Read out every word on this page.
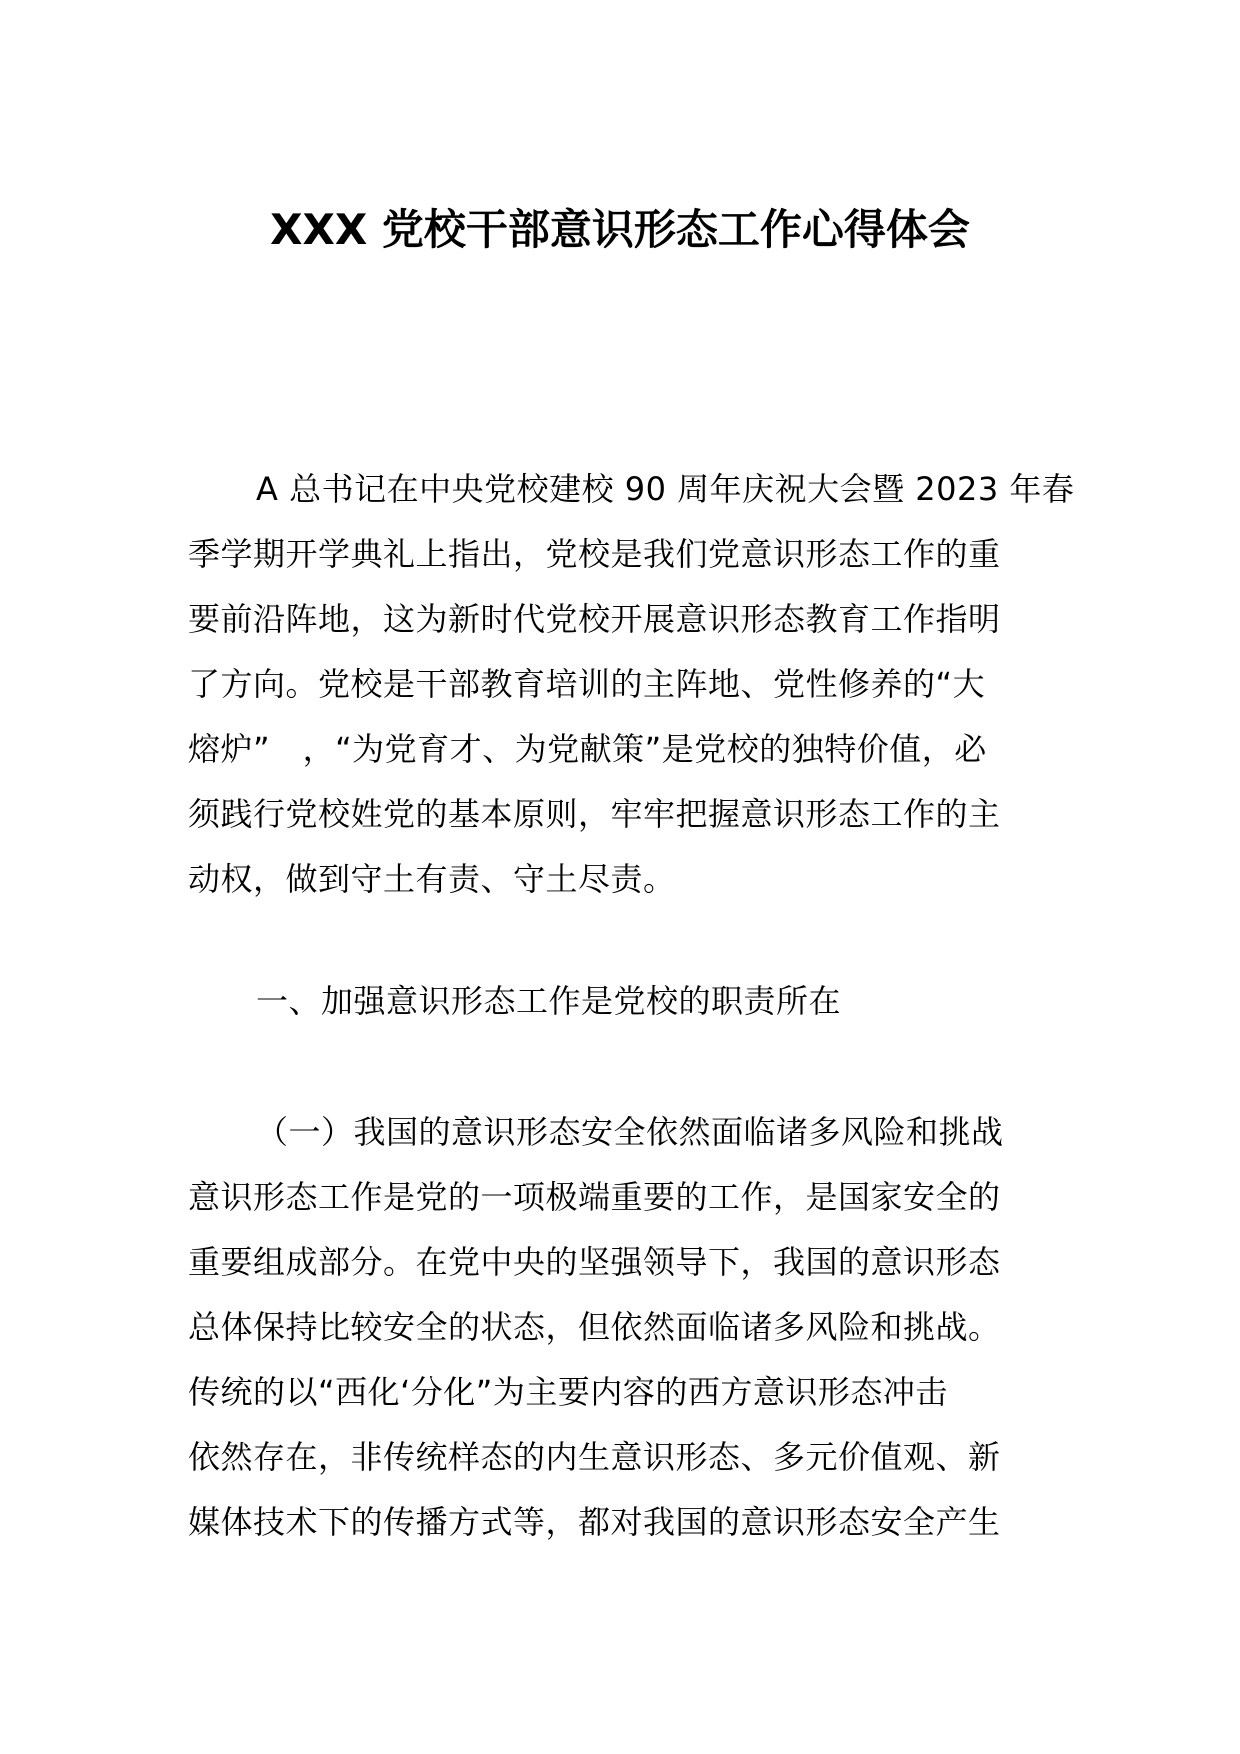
XXX 党校干部意识形态工作心得体会
A 总书记在中央党校建校 90 周年庆祝大会暨 2023 年春
季学期开学典礼上指出，党校是我们党意识形态工作的重
要前沿阵地，这为新时代党校开展意识形态教育工作指明
了方向。党校是干部教育培训的主阵地、党性修养的“大
熔炉”　，“为党育才、为党献策”是党校的独特价值，必
须践行党校姓党的基本原则，牢牢把握意识形态工作的主
动权，做到守土有责、守土尽责。
一、加强意识形态工作是党校的职责所在
（一）我国的意识形态安全依然面临诸多风险和挑战
意识形态工作是党的一项极端重要的工作，是国家安全的
重要组成部分。在党中央的坚强领导下，我国的意识形态
总体保持比较安全的状态，但依然面临诸多风险和挑战。
传统的以“西化‘分化”为主要内容的西方意识形态冲击
依然存在，非传统样态的内生意识形态、多元价值观、新
媒体技术下的传播方式等，都对我国的意识形态安全产生
